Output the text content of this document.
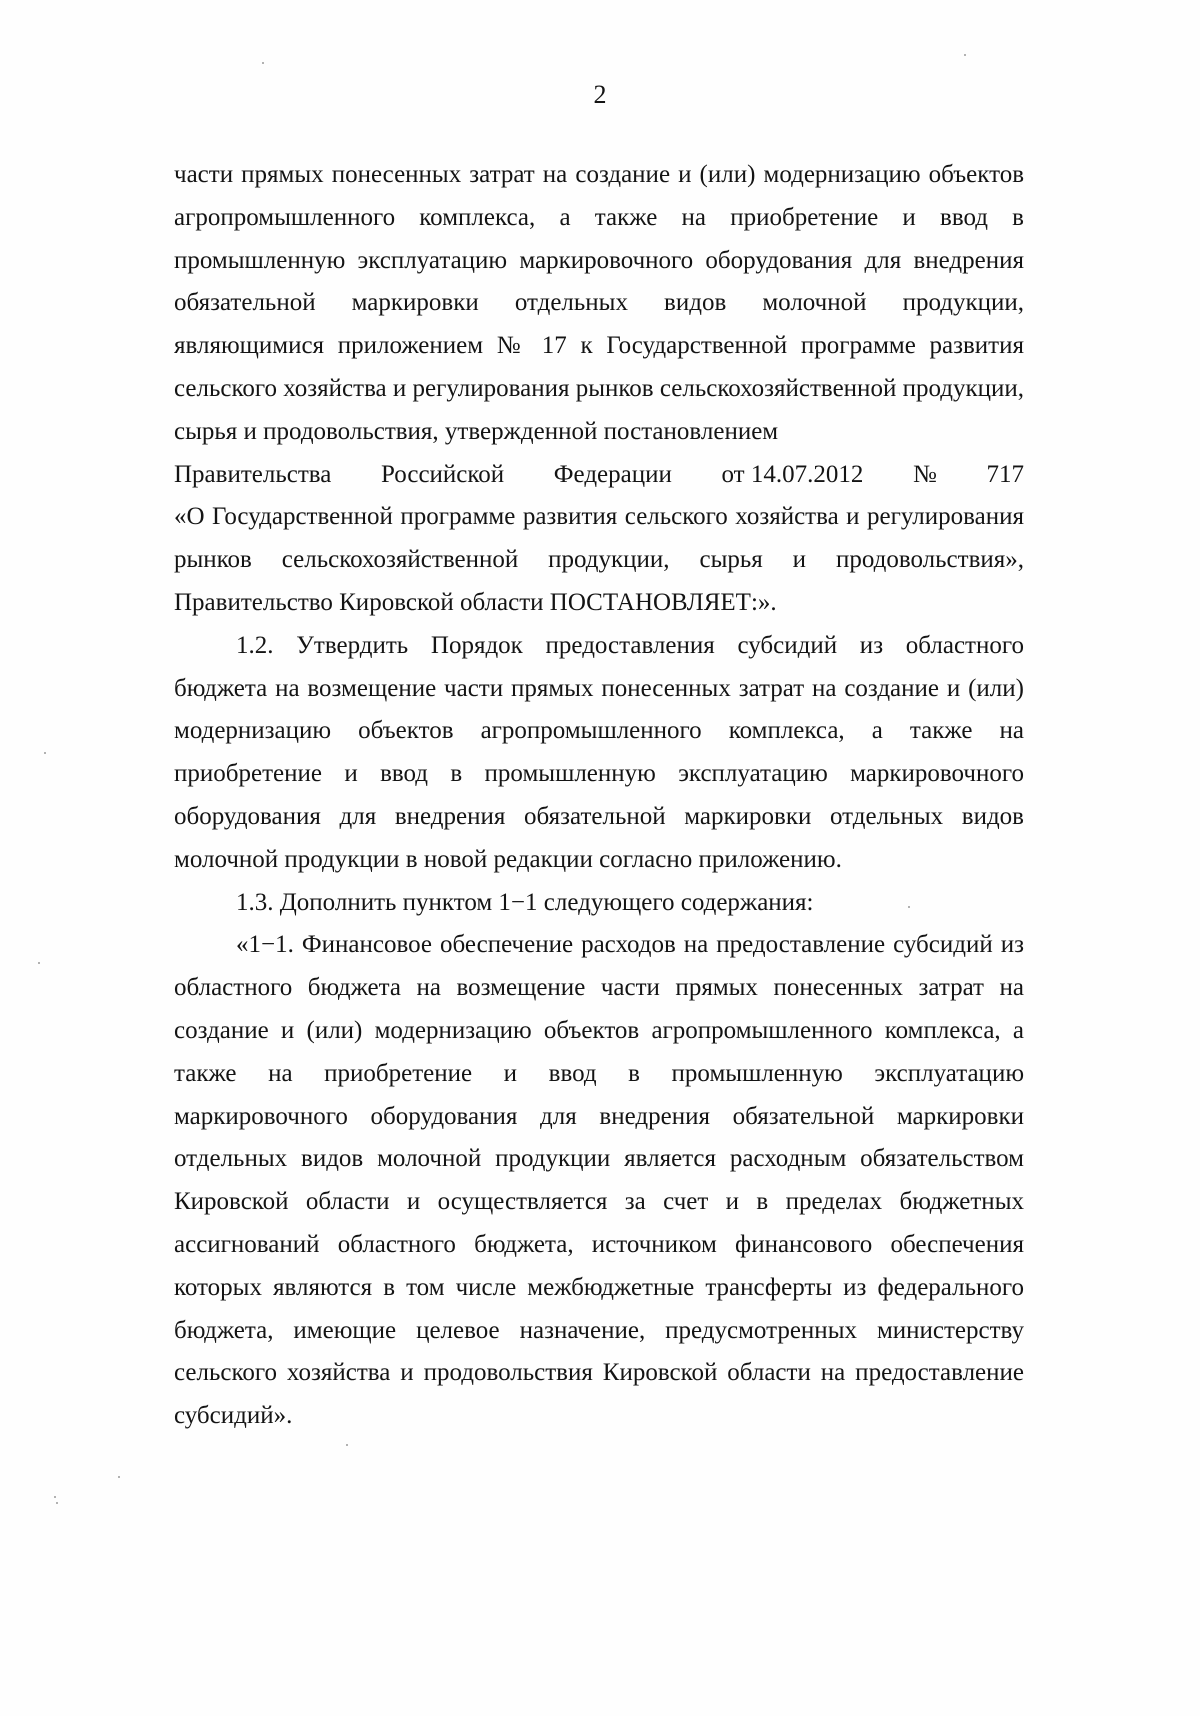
2

части прямых понесенных затрат на создание и (или) модернизацию объектов агропромышленного комплекса, а также на приобретение и ввод в промышленную эксплуатацию маркировочного оборудования для внедрения обязательной маркировки отдельных видов молочной продукции, являющимися приложением № 17 к Государственной программе развития сельского хозяйства и регулирования рынков сельскохозяйственной продукции, сырья и продовольствия, утвержденной постановлением

Правительства Российской Федерации от 14.07.2012 № 717

«О Государственной программе развития сельского хозяйства и регулирования рынков сельскохозяйственной продукции, сырья и продовольствия», Правительство Кировской области ПОСТАНОВЛЯЕТ:».

1.2. Утвердить Порядок предоставления субсидий из областного бюджета на возмещение части прямых понесенных затрат на создание и (или) модернизацию объектов агропромышленного комплекса, а также на приобретение и ввод в промышленную эксплуатацию маркировочного оборудования для внедрения обязательной маркировки отдельных видов молочной продукции в новой редакции согласно приложению.

1.3. Дополнить пунктом 1−1 следующего содержания:

«1−1. Финансовое обеспечение расходов на предоставление субсидий из областного бюджета на возмещение части прямых понесенных затрат на создание и (или) модернизацию объектов агропромышленного комплекса, а также на приобретение и ввод в промышленную эксплуатацию маркировочного оборудования для внедрения обязательной маркировки отдельных видов молочной продукции является расходным обязательством Кировской области и осуществляется за счет и в пределах бюджетных ассигнований областного бюджета, источником финансового обеспечения которых являются в том числе межбюджетные трансферты из федерального бюджета, имеющие целевое назначение, предусмотренных министерству сельского хозяйства и продовольствия Кировской области на предоставление субсидий».
